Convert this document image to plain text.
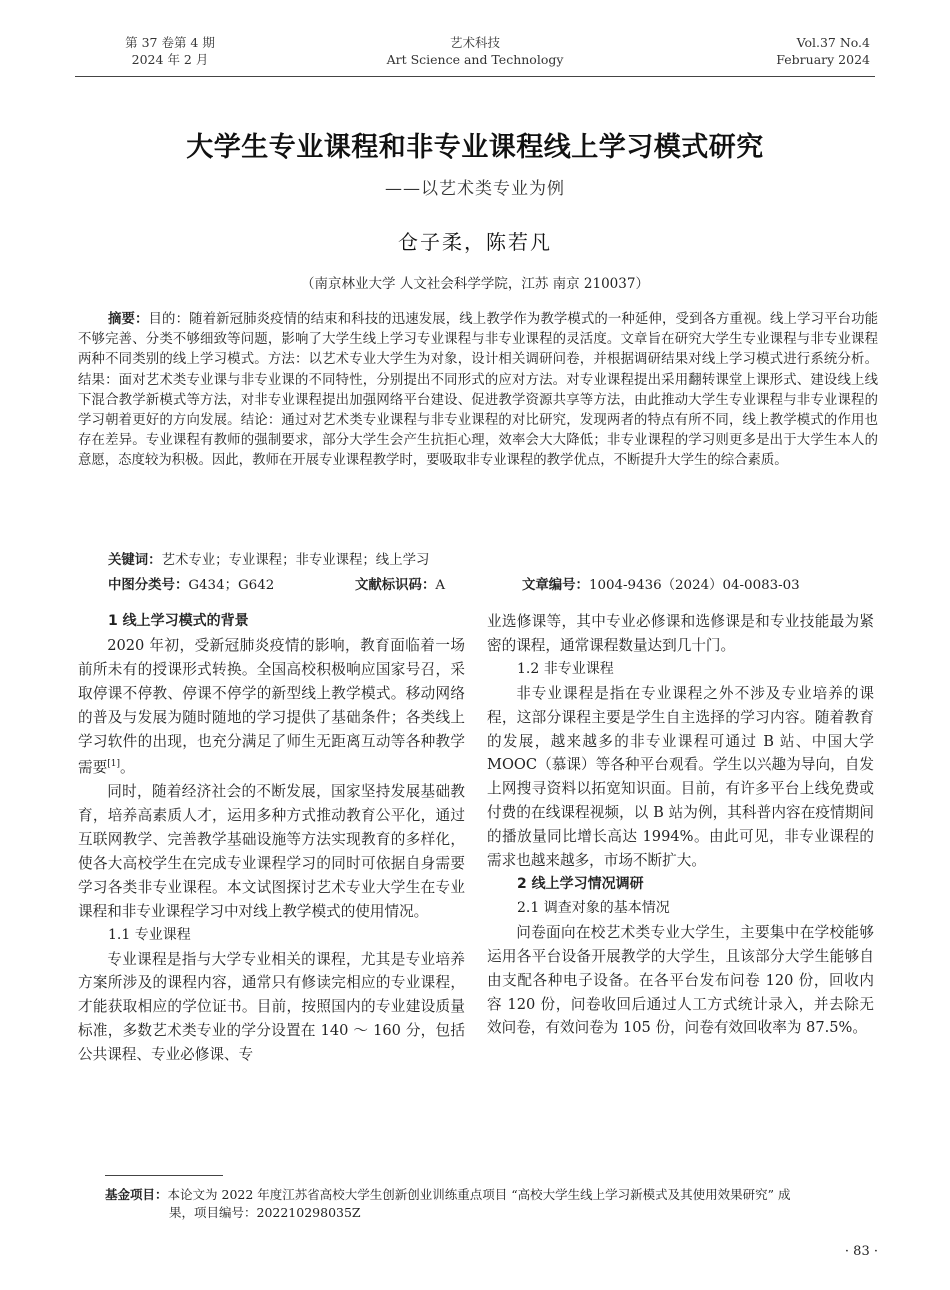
第 37 卷第 4 期
2024 年 2 月
艺术科技
Art Science and Technology
Vol.37 No.4
February 2024
大学生专业课程和非专业课程线上学习模式研究
——以艺术类专业为例
仓子柔，陈若凡
（南京林业大学 人文社会科学学院，江苏 南京 210037）
摘要：目的：随着新冠肺炎疫情的结束和科技的迅速发展，线上教学作为教学模式的一种延伸，受到各方重视。线上学习平台功能不够完善、分类不够细致等问题，影响了大学生线上学习专业课程与非专业课程的灵活度。文章旨在研究大学生专业课程与非专业课程两种不同类别的线上学习模式。方法：以艺术专业大学生为对象，设计相关调研问卷，并根据调研结果对线上学习模式进行系统分析。结果：面对艺术类专业课与非专业课的不同特性，分别提出不同形式的应对方法。对专业课程提出采用翻转课堂上课形式、建设线上线下混合教学新模式等方法，对非专业课程提出加强网络平台建设、促进教学资源共享等方法，由此推动大学生专业课程与非专业课程的学习朝着更好的方向发展。结论：通过对艺术类专业课程与非专业课程的对比研究，发现两者的特点有所不同，线上教学模式的作用也存在差异。专业课程有教师的强制要求，部分大学生会产生抗拒心理，效率会大大降低；非专业课程的学习则更多是出于大学生本人的意愿，态度较为积极。因此，教师在开展专业课程教学时，要吸取非专业课程的教学优点，不断提升大学生的综合素质。
关键词：艺术专业；专业课程；非专业课程；线上学习
中图分类号：G434；G642	文献标识码：A	文章编号：1004-9436（2024）04-0083-03
1 线上学习模式的背景

2020 年初，受新冠肺炎疫情的影响，教育面临着一场前所未有的授课形式转换。全国高校积极响应国家号召，采取停课不停教、停课不停学的新型线上教学模式。移动网络的普及与发展为随时随地的学习提供了基础条件；各类线上学习软件的出现，也充分满足了师生无距离互动等各种教学需要[1]。

同时，随着经济社会的不断发展，国家坚持发展基础教育，培养高素质人才，运用多种方式推动教育公平化，通过互联网教学、完善教学基础设施等方法实现教育的多样化，使各大高校学生在完成专业课程学习的同时可依据自身需要学习各类非专业课程。本文试图探讨艺术专业大学生在专业课程和非专业课程学习中对线上教学模式的使用情况。

1.1 专业课程

专业课程是指与大学专业相关的课程，尤其是专业培养方案所涉及的课程内容，通常只有修读完相应的专业课程，才能获取相应的学位证书。目前，按照国内的专业建设质量标准，多数艺术类专业的学分设置在 140 ～ 160 分，包括公共课程、专业必修课、专

业选修课等，其中专业必修课和选修课是和专业技能最为紧密的课程，通常课程数量达到几十门。

1.2 非专业课程

非专业课程是指在专业课程之外不涉及专业培养的课程，这部分课程主要是学生自主选择的学习内容。随着教育的发展，越来越多的非专业课程可通过 B 站、中国大学 MOOC（慕课）等各种平台观看。学生以兴趣为导向，自发上网搜寻资料以拓宽知识面。目前，有许多平台上线免费或付费的在线课程视频，以 B 站为例，其科普内容在疫情期间的播放量同比增长高达 1994%。由此可见，非专业课程的需求也越来越多，市场不断扩大。

2 线上学习情况调研
2.1 调查对象的基本情况

问卷面向在校艺术类专业大学生，主要集中在学校能够运用各平台设备开展教学的大学生，且该部分大学生能够自由支配各种电子设备。在各平台发布问卷 120 份，回收内容 120 份，问卷收回后通过人工方式统计录入，并去除无效问卷，有效问卷为 105 份，问卷有效回收率为 87.5%。

基金项目：本论文为 2022 年度江苏省高校大学生创新创业训练重点项目 “高校大学生线上学习新模式及其使用效果研究” 成
果，项目编号：202210298035Z
· 83 ·
